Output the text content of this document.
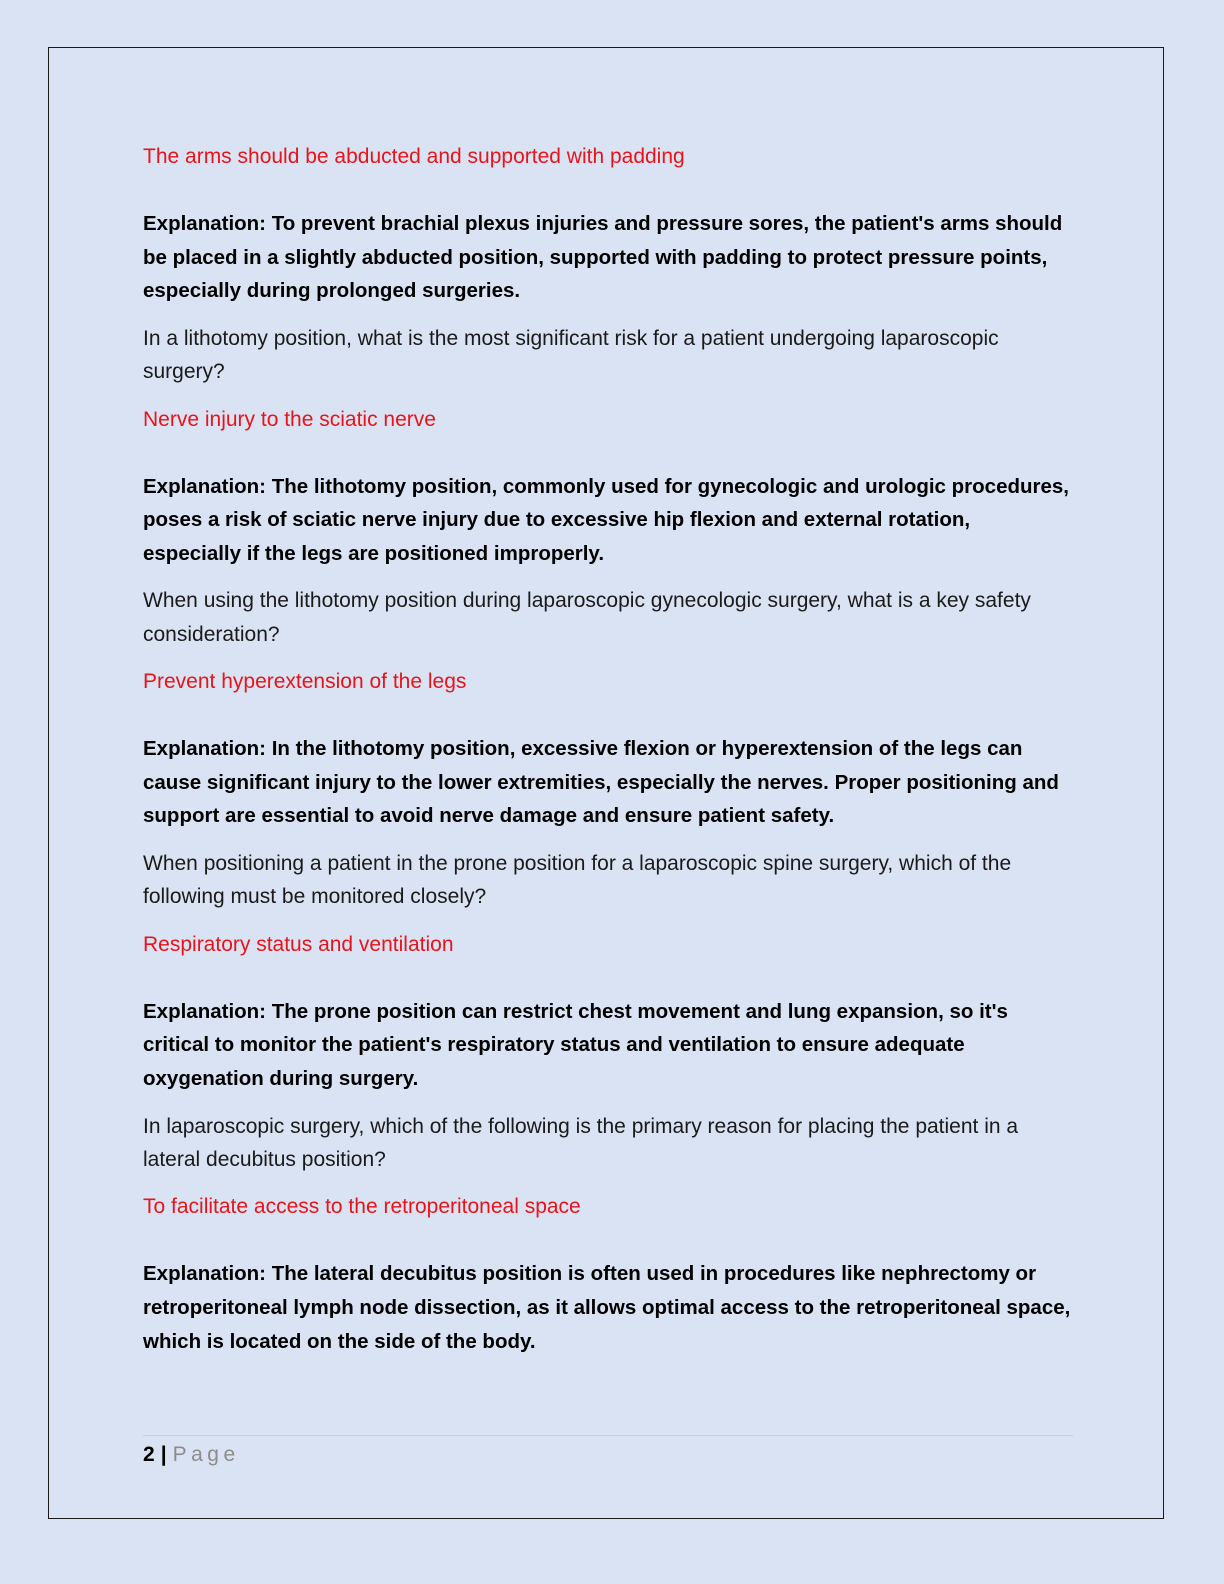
The arms should be abducted and supported with padding

Explanation: To prevent brachial plexus injuries and pressure sores, the patient's arms should be placed in a slightly abducted position, supported with padding to protect pressure points, especially during prolonged surgeries.

In a lithotomy position, what is the most significant risk for a patient undergoing laparoscopic surgery?

Nerve injury to the sciatic nerve

Explanation: The lithotomy position, commonly used for gynecologic and urologic procedures, poses a risk of sciatic nerve injury due to excessive hip flexion and external rotation, especially if the legs are positioned improperly.

When using the lithotomy position during laparoscopic gynecologic surgery, what is a key safety consideration?

Prevent hyperextension of the legs

Explanation: In the lithotomy position, excessive flexion or hyperextension of the legs can cause significant injury to the lower extremities, especially the nerves. Proper positioning and support are essential to avoid nerve damage and ensure patient safety.

When positioning a patient in the prone position for a laparoscopic spine surgery, which of the following must be monitored closely?

Respiratory status and ventilation

Explanation: The prone position can restrict chest movement and lung expansion, so it's critical to monitor the patient's respiratory status and ventilation to ensure adequate oxygenation during surgery.

In laparoscopic surgery, which of the following is the primary reason for placing the patient in a lateral decubitus position?

To facilitate access to the retroperitoneal space

Explanation: The lateral decubitus position is often used in procedures like nephrectomy or retroperitoneal lymph node dissection, as it allows optimal access to the retroperitoneal space, which is located on the side of the body.

2 | Page
